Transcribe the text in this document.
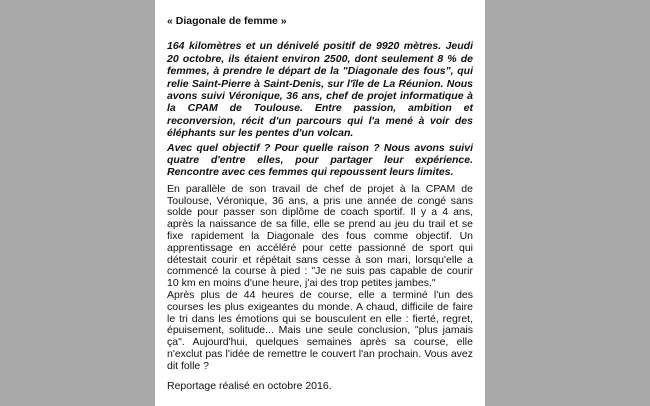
« Diagonale de femme »

164 kilomètres et un dénivelé positif de 9920 mètres. Jeudi 20 octobre, ils étaient environ 2500, dont seulement 8 % de femmes, à prendre le départ de la "Diagonale des fous", qui relie Saint-Pierre à Saint-Denis, sur l'île de La Réunion. Nous avons suivi Véronique, 36 ans, chef de projet informatique à la CPAM de Toulouse. Entre passion, ambition et reconversion, récit d'un parcours qui l'a mené à voir des éléphants sur les pentes d'un volcan.

Avec quel objectif ? Pour quelle raison ? Nous avons suivi quatre d'entre elles, pour partager leur expérience. Rencontre avec ces femmes qui repoussent leurs limites.

En parallèle de son travail de chef de projet à la CPAM de Toulouse, Véronique, 36 ans, a pris une année de congé sans solde pour passer son diplôme de coach sportif. Il y a 4 ans, après la naissance de sa fille, elle se prend au jeu du trail et se fixe rapidement la Diagonale des fous comme objectif. Un apprentissage en accéléré pour cette passionné de sport qui détestait courir et répétait sans cesse à son mari, lorsqu'elle a commencé la course à pied : "Je ne suis pas capable de courir 10 km en moins d'une heure, j'ai des trop petites jambes."

Après plus de 44 heures de course, elle a terminé l'un des courses les plus exigeantes du monde. A chaud, difficile de faire le tri dans les émotions qui se bousculent en elle : fierté, regret, épuisement, solitude... Mais une seule conclusion, "plus jamais ça". Aujourd'hui, quelques semaines après sa course, elle n'exclut pas l'idée de remettre le couvert l'an prochain. Vous avez dit folle ?

Reportage réalisé en octobre 2016.
